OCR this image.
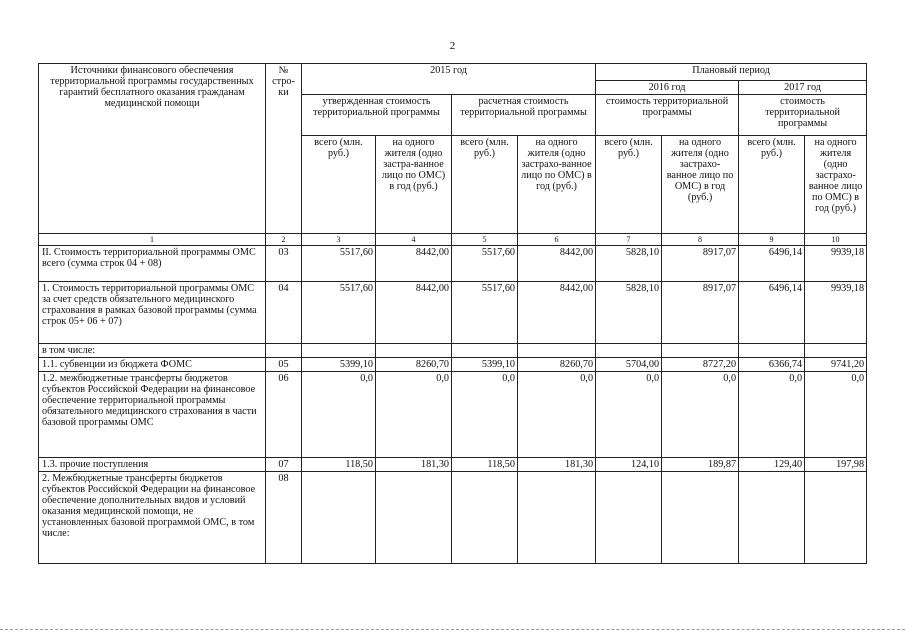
2
Источники финансового обеспечения территориальной программы государственных гарантий бесплатного оказания гражданам медицинской помощи	№ стро-ки	2015 год				Плановый период			
						2016 год		2017 год	
		утвержденная стоимость территориальной программы		расчетная стоимость территориальной программы		стоимость территориальной программы		стоимость территориальной программы	
		всего (млн. руб.)	на одного жителя (одно застра-ванное лицо по ОМС) в год (руб.)	всего (млн. руб.)	на одного жителя (одно застрахо-ванное лицо по ОМС) в год (руб.)	всего (млн. руб.)	на одного жителя (одно застрахо-ванное лицо по ОМС) в год (руб.)	всего (млн. руб.)	на одного жителя (одно застрахо-ванное лицо по ОМС) в год (руб.)
1	2	3	4	5	6	7	8	9	10
II. Стоимость территориальной программы ОМС всего (сумма строк 04 + 08)	03	5517,60	8442,00	5517,60	8442,00	5828,10	8917,07	6496,14	9939,18
1. Стоимость территориальной программы ОМС за счет средств обязательного медицинского страхования в рамках базовой программы (сумма строк 05+ 06 + 07)	04	5517,60	8442,00	5517,60	8442,00	5828,10	8917,07	6496,14	9939,18
в том числе:									
1.1. субвенции из бюджета ФОМС	05	5399,10	8260,70	5399,10	8260,70	5704,00	8727,20	6366,74	9741,20
1.2. межбюджетные трансферты бюджетов субъектов Российской Федерации на финансовое обеспечение территориальной программы обязательного медицинского страхования в части базовой программы ОМС	06	0,0	0,0	0,0	0,0	0,0	0,0	0,0	0,0
1.3. прочие поступления	07	118,50	181,30	118,50	181,30	124,10	189,87	129,40	197,98
2. Межбюджетные трансферты бюджетов субъектов Российской Федерации на финансовое обеспечение дополнительных видов и условий оказания медицинской помощи, не установленных базовой программой ОМС, в том числе:	08								
